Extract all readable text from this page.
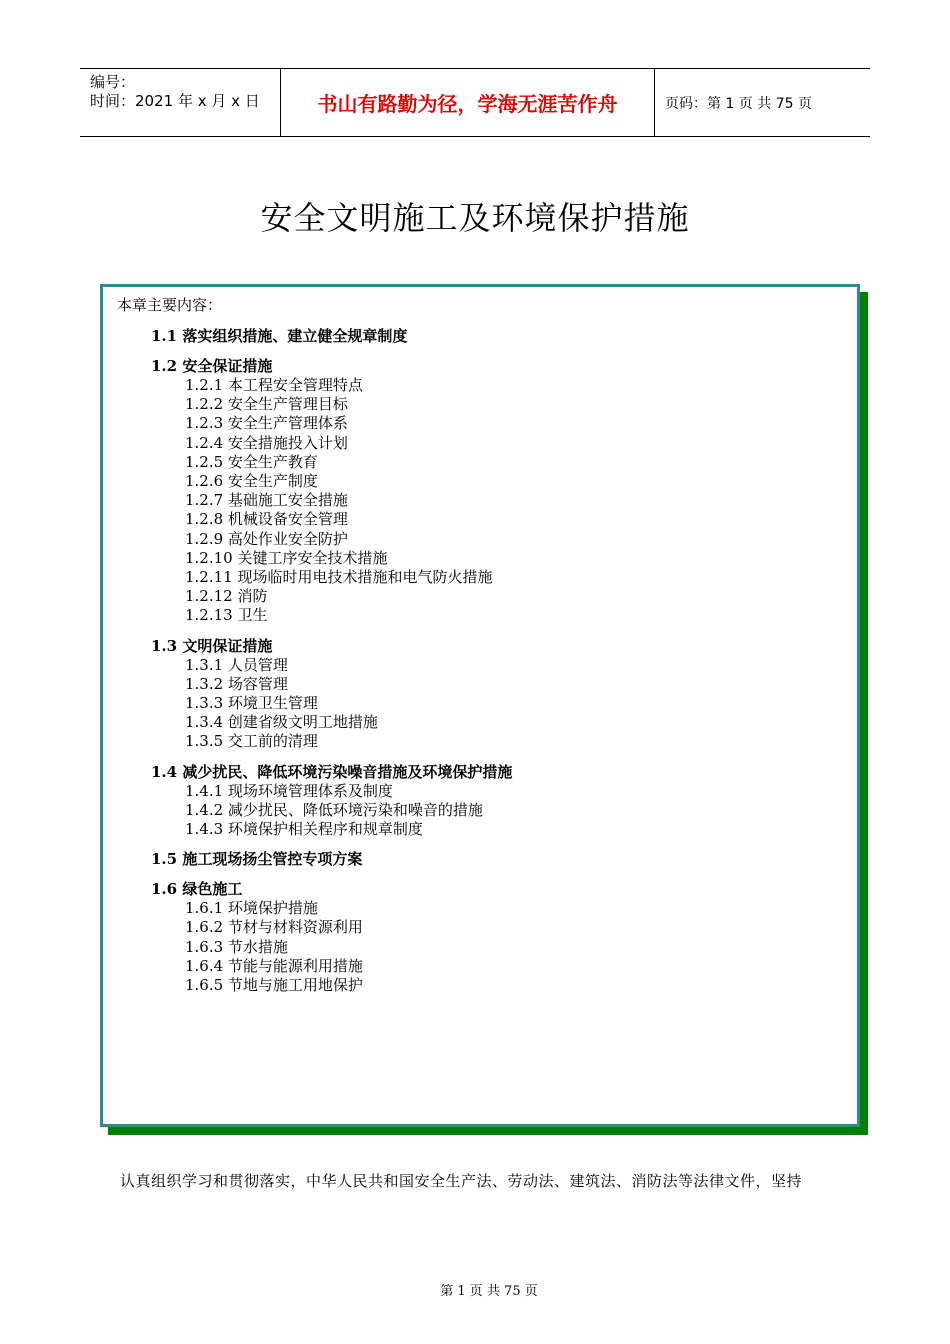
编号：
时间：2021 年 x 月 x 日	书山有路勤为径，学海无涯苦作舟	页码：第 1 页 共 75 页
安全文明施工及环境保护措施
本章主要内容：
1.1 落实组织措施、建立健全规章制度
1.2 安全保证措施
1.2.1 本工程安全管理特点
1.2.2 安全生产管理目标
1.2.3 安全生产管理体系
1.2.4 安全措施投入计划
1.2.5 安全生产教育
1.2.6 安全生产制度
1.2.7 基础施工安全措施
1.2.8 机械设备安全管理
1.2.9 高处作业安全防护
1.2.10 关键工序安全技术措施
1.2.11 现场临时用电技术措施和电气防火措施
1.2.12 消防
1.2.13 卫生
1.3 文明保证措施
1.3.1 人员管理
1.3.2 场容管理
1.3.3 环境卫生管理
1.3.4 创建省级文明工地措施
1.3.5 交工前的清理
1.4 减少扰民、降低环境污染噪音措施及环境保护措施
1.4.1 现场环境管理体系及制度
1.4.2 减少扰民、降低环境污染和噪音的措施
1.4.3 环境保护相关程序和规章制度
1.5 施工现场扬尘管控专项方案
1.6 绿色施工
1.6.1 环境保护措施
1.6.2 节材与材料资源利用
1.6.3 节水措施
1.6.4 节能与能源利用措施
1.6.5 节地与施工用地保护
认真组织学习和贯彻落实，中华人民共和国安全生产法、劳动法、建筑法、消防法等法律文件，坚持
第 1 页 共 75 页
